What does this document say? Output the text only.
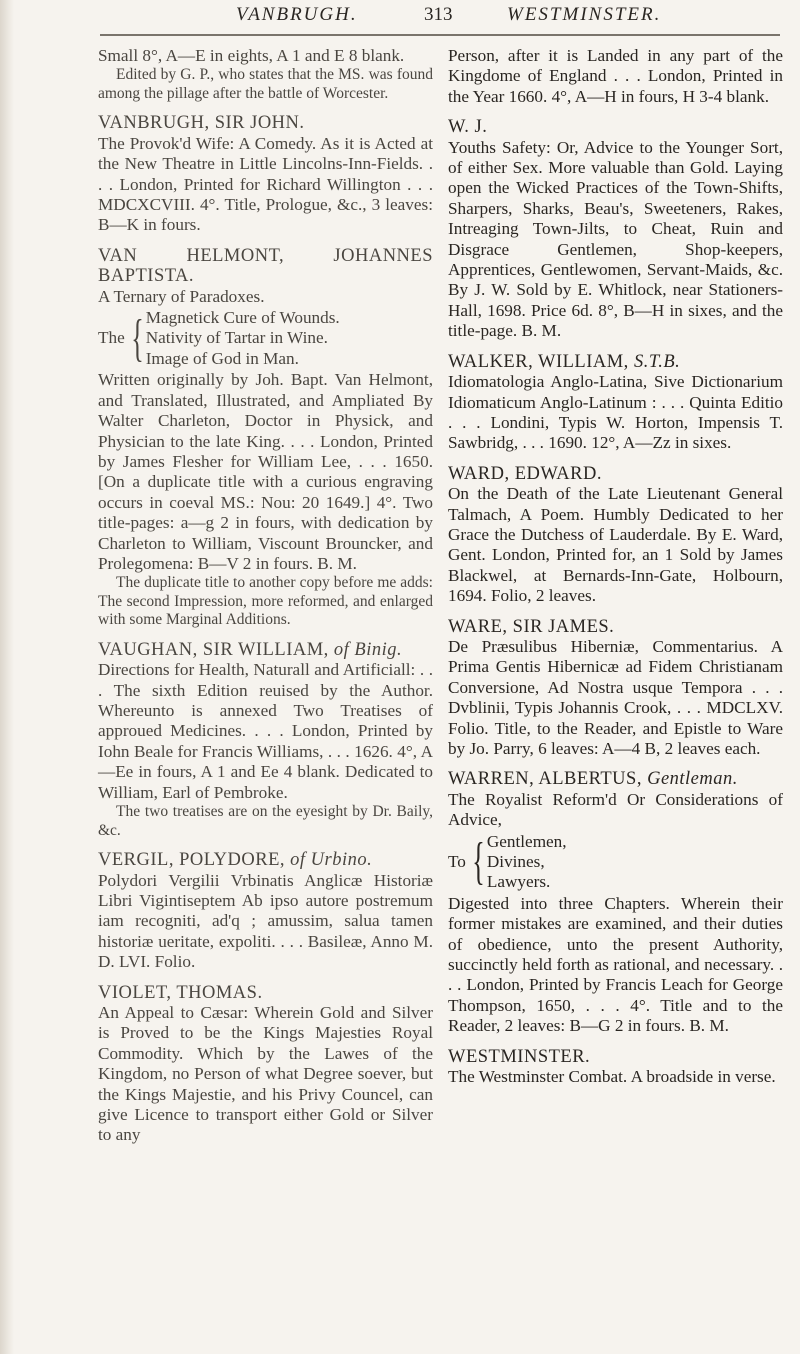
VANBRUGH.	313	WESTMINSTER.
Small 8°, A—E in eights, A 1 and E 8 blank.
Edited by G. P., who states that the MS. was found among the pillage after the battle of Worcester.
VANBRUGH, SIR JOHN.
The Provok'd Wife: A Comedy. As it is Acted at the New Theatre in Little Lincolns-Inn-Fields. . . . London, Printed for Richard Willington . . . MDCXCVIII. 4°. Title, Prologue, &c., 3 leaves: B—K in fours.
VAN HELMONT, JOHANNES BAPTISTA.
A Ternary of Paradoxes.
The { Magnetick Cure of Wounds.
Nativity of Tartar in Wine.
Image of God in Man.
Written originally by Joh. Bapt. Van Helmont, and Translated, Illustrated, and Ampliated By Walter Charleton, Doctor in Physick, and Physician to the late King. . . . London, Printed by James Flesher for William Lee, . . . 1650. [On a duplicate title with a curious engraving occurs in coeval MS.: Nou: 20 1649.] 4°. Two title-pages: a—g 2 in fours, with dedication by Charleton to William, Viscount Brouncker, and Prolegomena: B—V 2 in fours. B. M.
The duplicate title to another copy before me adds: The second Impression, more reformed, and enlarged with some Marginal Additions.
VAUGHAN, SIR WILLIAM, of Binig.
Directions for Health, Naturall and Artificiall: . . . The sixth Edition reuised by the Author. Whereunto is annexed Two Treatises of approued Medicines. . . . London, Printed by Iohn Beale for Francis Williams, . . . 1626. 4°, A—Ee in fours, A 1 and Ee 4 blank. Dedicated to William, Earl of Pembroke.
The two treatises are on the eyesight by Dr. Baily, &c.
VERGIL, POLYDORE, of Urbino.
Polydori Vergilii Vrbinatis Anglicæ Historiæ Libri Vigintiseptem Ab ipso autore postremum iam recogniti, ad'q ; amussim, salua tamen historiæ ueritate, expoliti. . . . Basileæ, Anno M. D. LVI. Folio.
VIOLET, THOMAS.
An Appeal to Cæsar: Wherein Gold and Silver is Proved to be the Kings Majesties Royal Commodity. Which by the Lawes of the Kingdom, no Person of what Degree soever, but the Kings Majestie, and his Privy Councel, can give Licence to transport either Gold or Silver to any
Person, after it is Landed in any part of the Kingdome of England . . . London, Printed in the Year 1660. 4°, A—H in fours, H 3-4 blank.
W. J.
Youths Safety: Or, Advice to the Younger Sort, of either Sex. More valuable than Gold. Laying open the Wicked Practices of the Town-Shifts, Sharpers, Sharks, Beau's, Sweeteners, Rakes, Intreaging Town-Jilts, to Cheat, Ruin and Disgrace Gentlemen, Shop-keepers, Apprentices, Gentlewomen, Servant-Maids, &c. By J. W. Sold by E. Whitlock, near Stationers-Hall, 1698. Price 6d. 8°, B—H in sixes, and the title-page. B. M.
WALKER, WILLIAM, S.T.B.
Idiomatologia Anglo-Latina, Sive Dictionarium Idiomaticum Anglo-Latinum : . . . Quinta Editio . . . Londini, Typis W. Horton, Impensis T. Sawbridg, . . . 1690. 12°, A—Zz in sixes.
WARD, EDWARD.
On the Death of the Late Lieutenant General Talmach, A Poem. Humbly Dedicated to her Grace the Dutchess of Lauderdale. By E. Ward, Gent. London, Printed for, an 1 Sold by James Blackwel, at Bernards-Inn-Gate, Holbourn, 1694. Folio, 2 leaves.
WARE, SIR JAMES.
De Præsulibus Hiberniæ, Commentarius. A Prima Gentis Hibernicæ ad Fidem Christianam Conversione, Ad Nostra usque Tempora . . . Dvblinii, Typis Johannis Crook, . . . MDCLXV. Folio. Title, to the Reader, and Epistle to Ware by Jo. Parry, 6 leaves: A—4 B, 2 leaves each.
WARREN, ALBERTUS, Gentleman.
The Royalist Reform'd Or Considerations of Advice,
To { Gentlemen,
Divines,
Lawyers.
Digested into three Chapters. Wherein their former mistakes are examined, and their duties of obedience, unto the present Authority, succinctly held forth as rational, and necessary. . . . London, Printed by Francis Leach for George Thompson, 1650, . . . 4°. Title and to the Reader, 2 leaves: B—G 2 in fours. B. M.
WESTMINSTER.
The Westminster Combat. A broadside in verse.
